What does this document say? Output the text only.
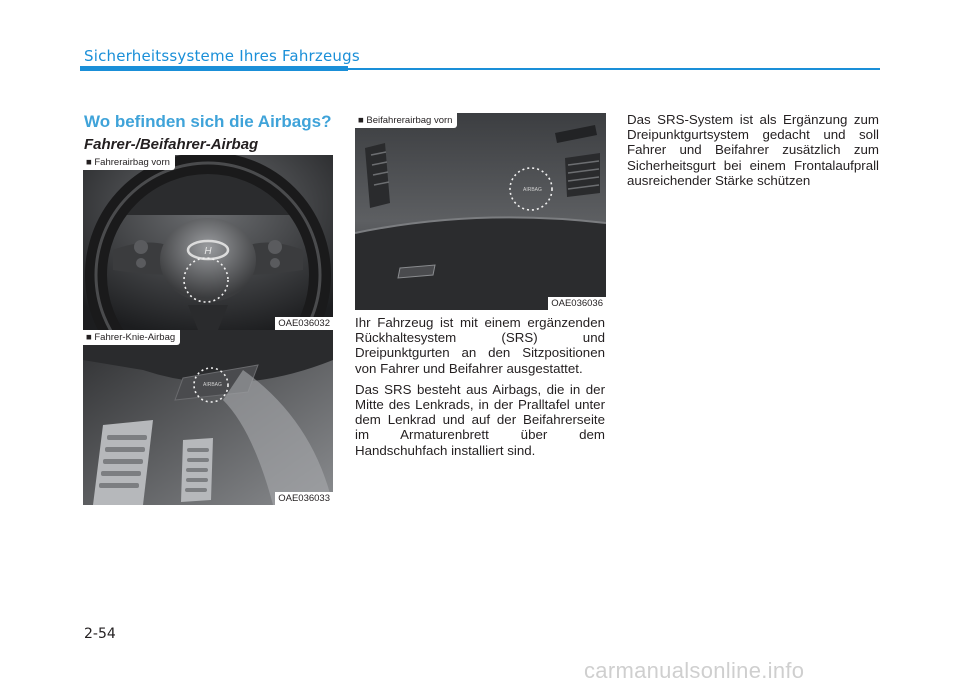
Sicherheitssysteme Ihres Fahrzeugs
Wo befinden sich die Airbags?
Fahrer-/Beifahrer-Airbag
H
■ Fahrerairbag vorn
OAE036032
AIRBAG
■ Fahrer-Knie-Airbag
OAE036033
AIRBAG
■ Beifahrerairbag vorn
OAE036036

Ihr Fahrzeug ist mit einem ergänzenden Rückhaltesystem (SRS) und Dreipunktgurten an den Sitzpositionen von Fahrer und Beifahrer ausgestattet.

Das SRS besteht aus Airbags, die in der Mitte des Lenkrads, in der Pralltafel unter dem Lenkrad und auf der Beifahrerseite im Armaturenbrett über dem Handschuhfach installiert sind.

Das SRS-System ist als Ergänzung zum Dreipunktgurtsystem gedacht und soll Fahrer und Beifahrer zusätzlich zum Sicherheitsgurt bei einem Frontalaufprall ausreichender Stärke schützen

2-54
carmanualsonline.info
